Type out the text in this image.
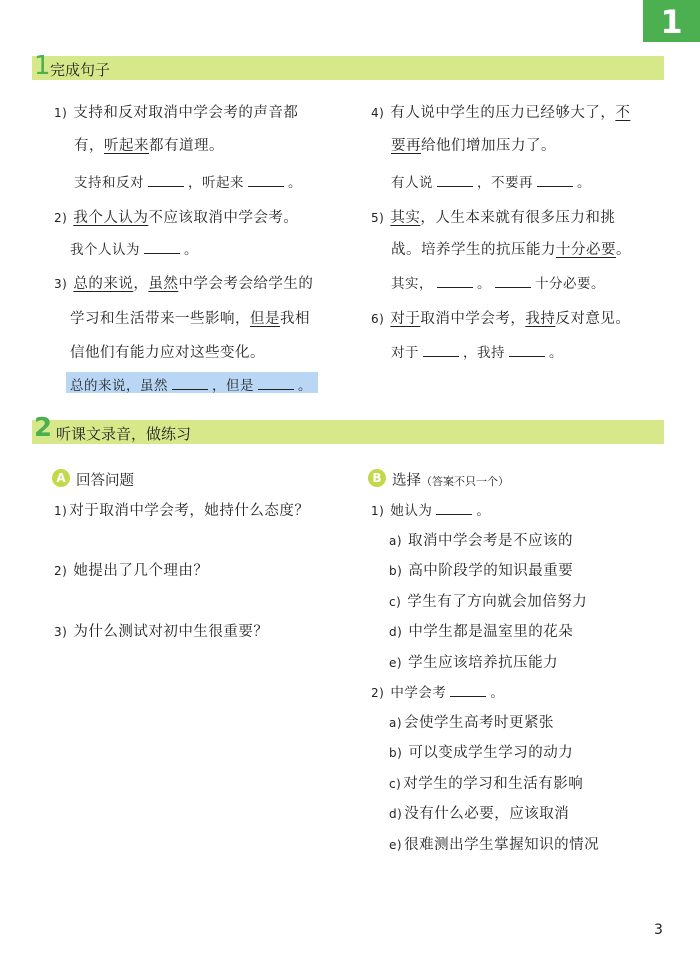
1
1 完成句子
1) 支持和反对取消中学会考的声音都
有，听起来都有道理。
支持和反对	，听起来	。
2) 我个人认为不应该取消中学会考。
我个人认为	。
3) 总的来说，虽然中学会考会给学生的
学习和生活带来一些影响，但是我相
信他们有能力应对这些变化。
总的来说，虽然	，但是	。
4) 有人说中学生的压力已经够大了，不
要再给他们增加压力了。
有人说	，不要再	。
5) 其实，人生本来就有很多压力和挑
战。培养学生的抗压能力十分必要。
其实，	。	十分必要。
6) 对于取消中学会考，我持反对意见。
对于	，我持	。
2 听课文录音，做练习
A 回答问题
1) 对于取消中学会考，她持什么态度？
2) 她提出了几个理由？
3) 为什么测试对初中生很重要？
B 选择（答案不只一个）
1) 她认为	。
a) 取消中学会考是不应该的
b) 高中阶段学的知识最重要
c) 学生有了方向就会加倍努力
d) 中学生都是温室里的花朵
e) 学生应该培养抗压能力
2) 中学会考	。
a) 会使学生高考时更紧张
b) 可以变成学生学习的动力
c) 对学生的学习和生活有影响
d) 没有什么必要，应该取消
e) 很难测出学生掌握知识的情况
3
